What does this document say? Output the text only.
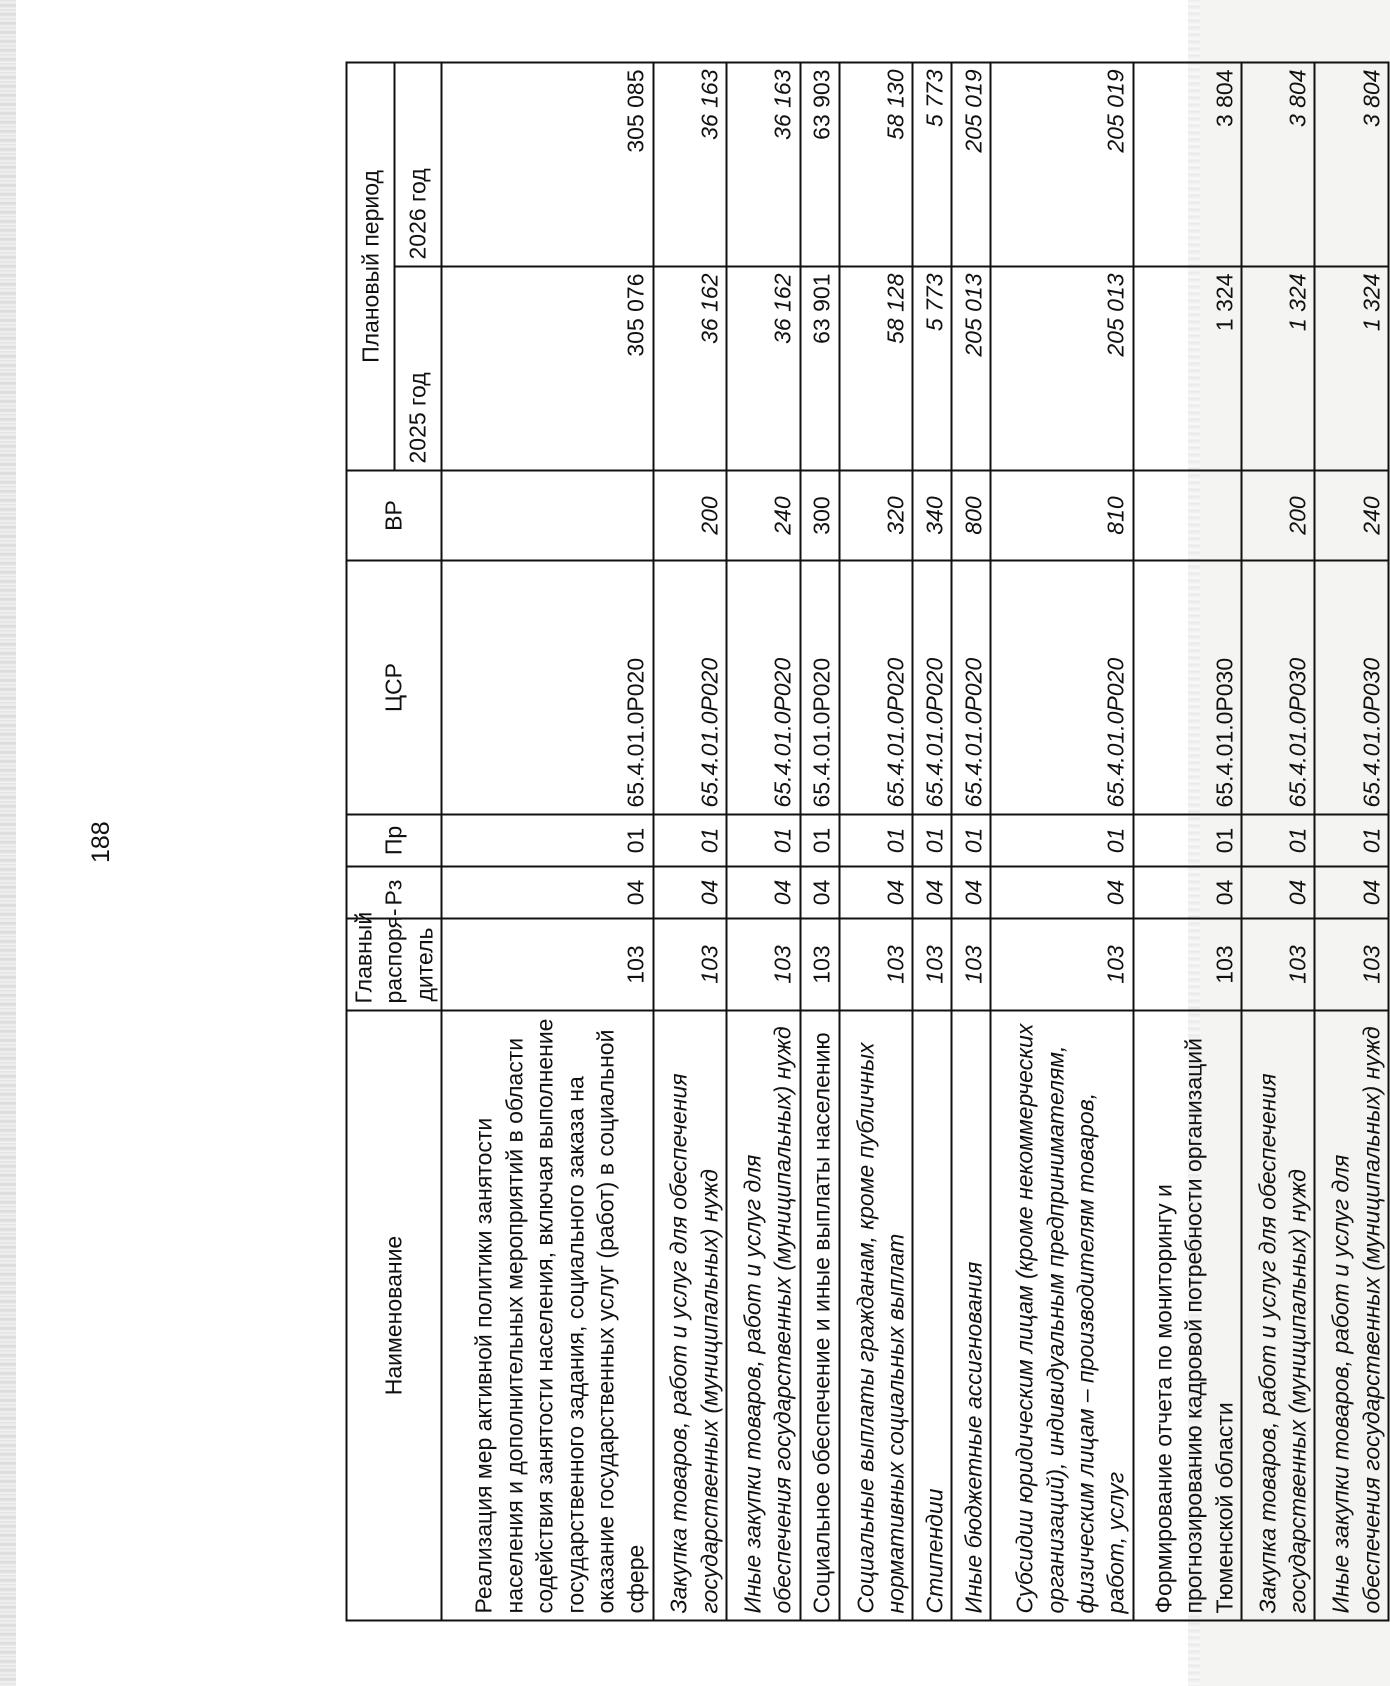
188
Наименование	Главный распоря- дитель	Рз	Пр	ЦСР	ВР	Плановый период	
						2025 год	2026 год
Реализация мер активной политики занятости населения и дополнительных мероприятий в области содействия занятости населения, включая выполнение государственного задания, социального заказа на оказание государственных услуг (работ) в социальной сфере	103	04	01	65.4.01.0Р020		305 076	305 085
Закупка товаров, работ и услуг для обеспечения государственных (муниципальных) нужд	103	04	01	65.4.01.0Р020	200	36 162	36 163
Иные закупки товаров, работ и услуг для обеспечения государственных (муниципальных) нужд	103	04	01	65.4.01.0Р020	240	36 162	36 163
Социальное обеспечение и иные выплаты населению	103	04	01	65.4.01.0Р020	300	63 901	63 903
Социальные выплаты гражданам, кроме публичных нормативных социальных выплат	103	04	01	65.4.01.0Р020	320	58 128	58 130
Стипендии	103	04	01	65.4.01.0Р020	340	5 773	5 773
Иные бюджетные ассигнования	103	04	01	65.4.01.0Р020	800	205 013	205 019
Субсидии юридическим лицам (кроме некоммерческих организаций), индивидуальным предпринимателям, физическим лицам – производителям товаров, работ, услуг	103	04	01	65.4.01.0Р020	810	205 013	205 019
Формирование отчета по мониторингу и прогнозированию кадровой потребности организаций Тюменской области	103	04	01	65.4.01.0Р030		1 324	3 804
Закупка товаров, работ и услуг для обеспечения государственных (муниципальных) нужд	103	04	01	65.4.01.0Р030	200	1 324	3 804
Иные закупки товаров, работ и услуг для обеспечения государственных (муниципальных) нужд	103	04	01	65.4.01.0Р030	240	1 324	3 804
